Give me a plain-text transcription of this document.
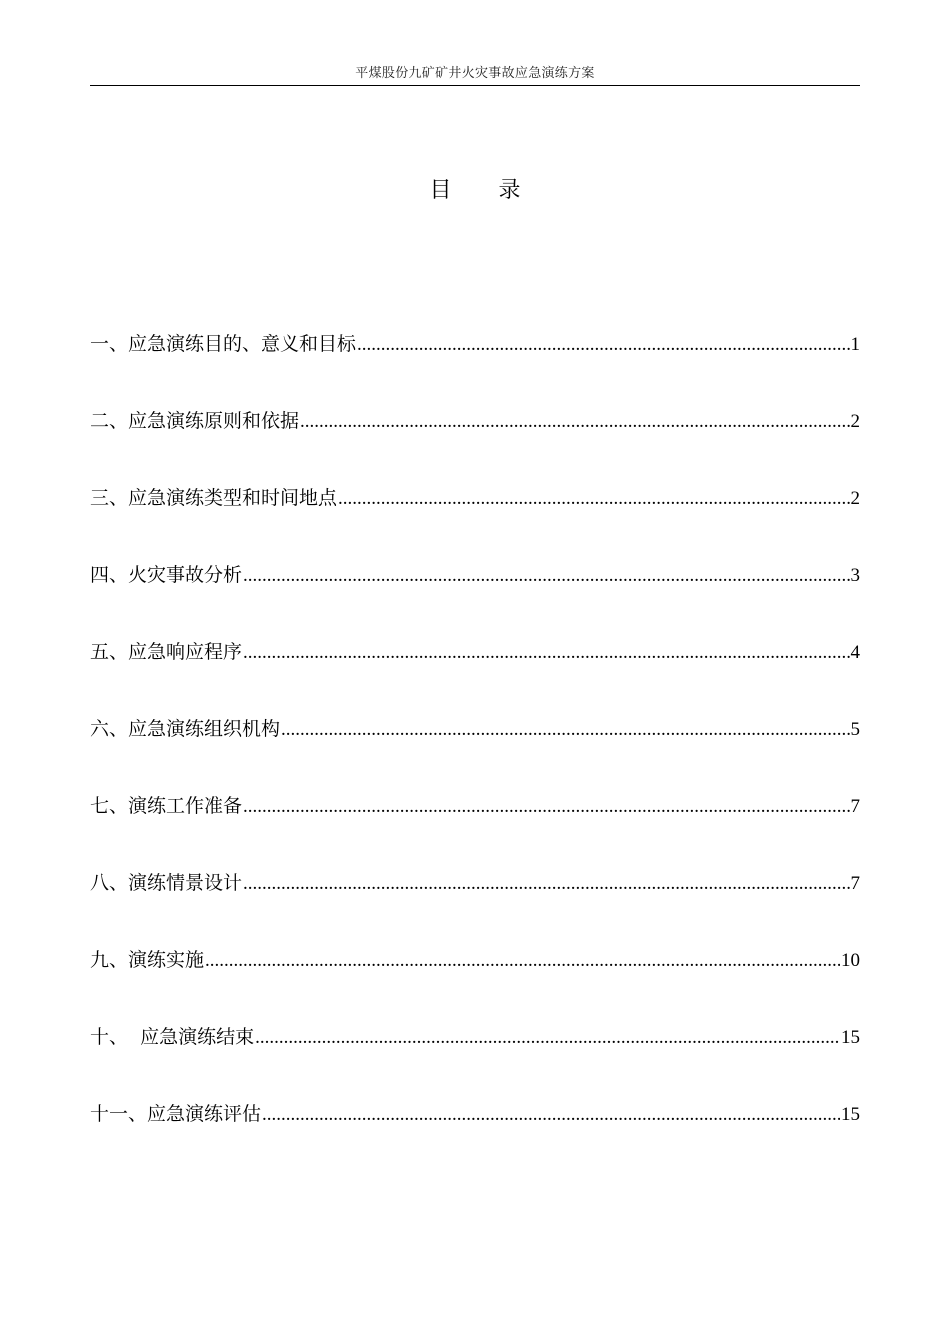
平煤股份九矿矿井火灾事故应急演练方案
目 录
一、应急演练目的、意义和目标 .....	1
二、应急演练原则和依据 .....	2
三、应急演练类型和时间地点 .....	2
四、火灾事故分析 .....	3
五、应急响应程序 .....	4
六、应急演练组织机构 .....	5
七、演练工作准备 .....	7
八、演练情景设计 .....	7
九、演练实施 .....	10
十、  应急演练结束 .....	15
十一、应急演练评估 .....	15
